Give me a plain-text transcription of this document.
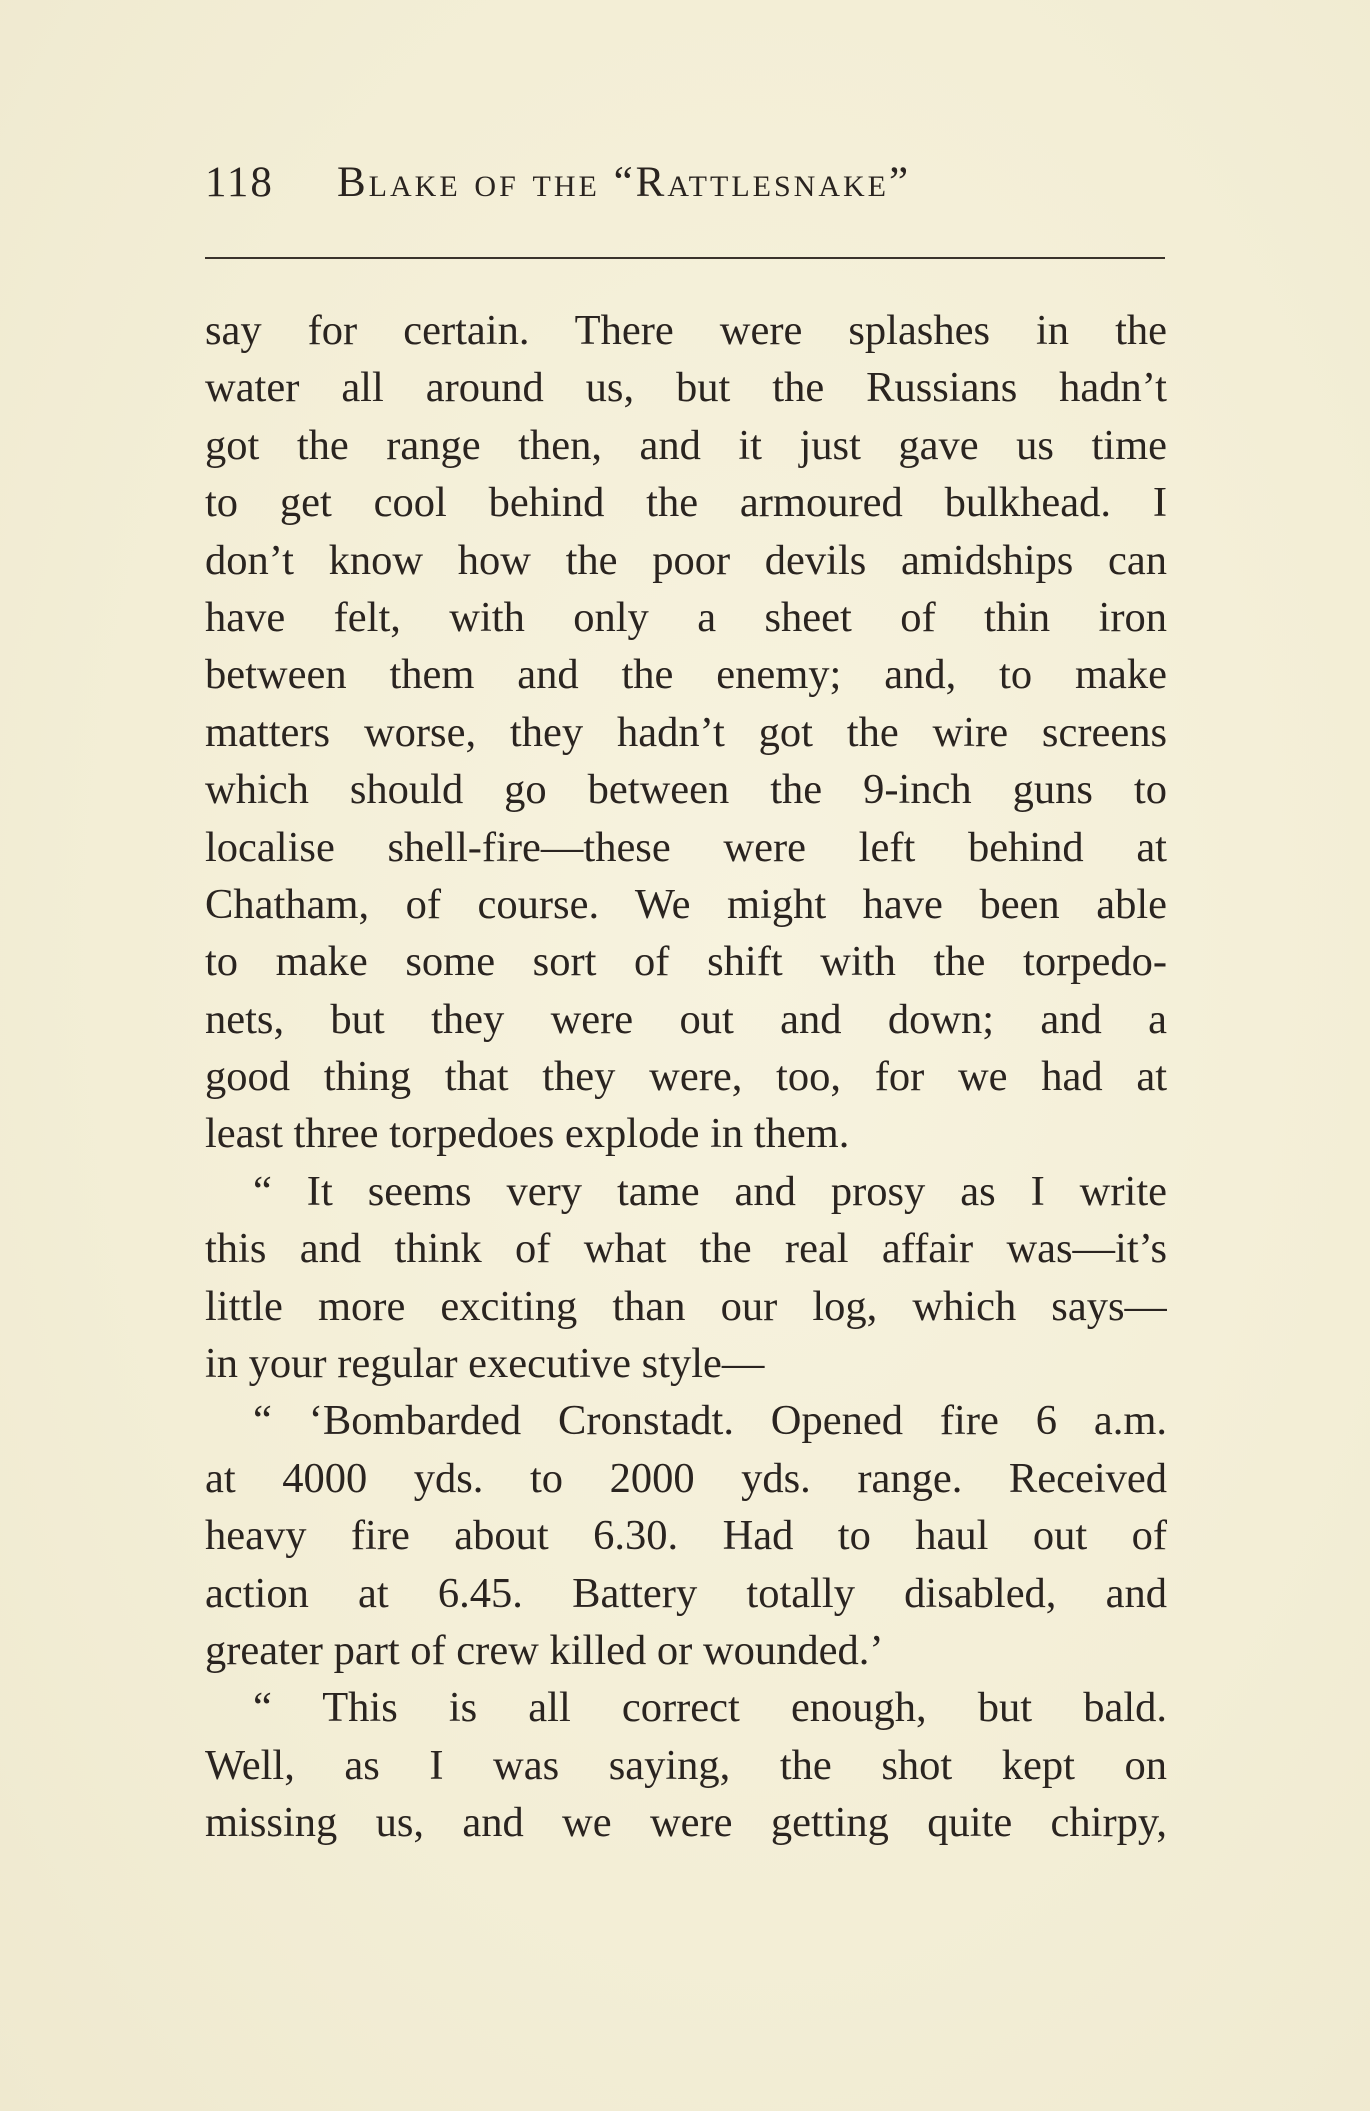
118 Blake of the “Rattlesnake”
say for certain. There were splashes in the
water all around us, but the Russians hadn’t
got the range then, and it just gave us time
to get cool behind the armoured bulkhead. I
don’t know how the poor devils amidships can
have felt, with only a sheet of thin iron
between them and the enemy; and, to make
matters worse, they hadn’t got the wire screens
which should go between the 9-inch guns to
localise shell-fire—these were left behind at
Chatham, of course. We might have been able
to make some sort of shift with the torpedo-
nets, but they were out and down; and a
good thing that they were, too, for we had at
least three torpedoes explode in them.
“ It seems very tame and prosy as I write
this and think of what the real affair was—it’s
little more exciting than our log, which says—
in your regular executive style—
“ ‘Bombarded Cronstadt. Opened fire 6 a.m.
at 4000 yds. to 2000 yds. range. Received
heavy fire about 6.30. Had to haul out of
action at 6.45. Battery totally disabled, and
greater part of crew killed or wounded.’
“ This is all correct enough, but bald.
Well, as I was saying, the shot kept on
missing us, and we were getting quite chirpy,
